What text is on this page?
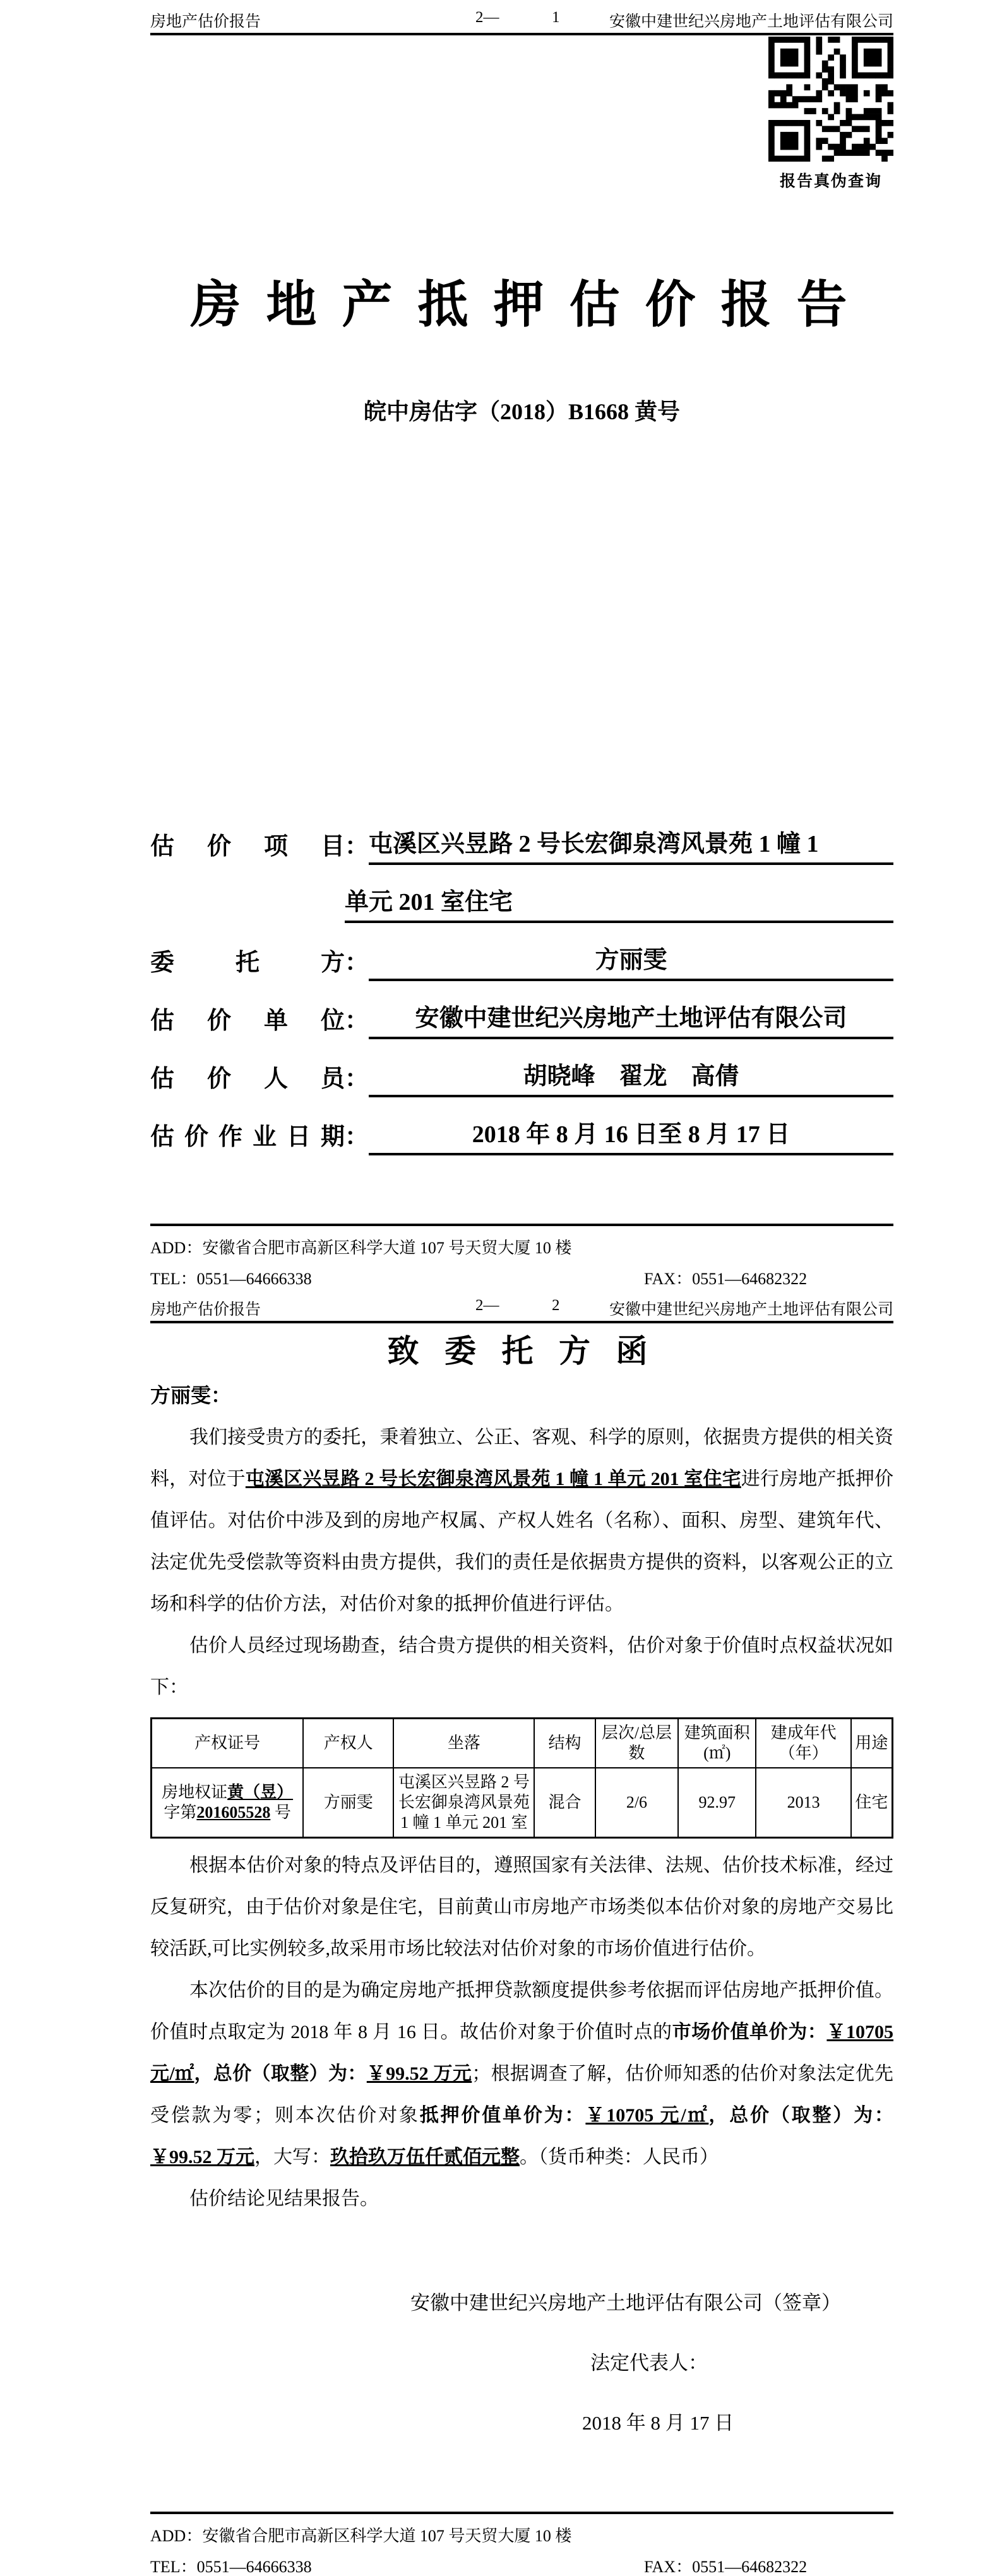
房地产估价报告	2—	1	安徽中建世纪兴房地产土地评估有限公司
报告真伪查询
房 地 产 抵 押 估 价 报 告
皖中房估字（2018）B1668 黄号
估价项目 ： 屯溪区兴昱路 2 号长宏御泉湾风景苑 1 幢 1
单元 201 室住宅
委托方 ：	方丽雯
估价单位 ：	安徽中建世纪兴房地产土地评估有限公司
估价人员 ：	胡晓峰　翟龙　高倩
估价作业日期 ：	2018 年 8 月 16 日至 8 月 17 日
ADD：安徽省合肥市高新区科学大道 107 号天贸大厦 10 楼
TEL：0551—64666338	FAX：0551—64682322
房地产估价报告	2—	2	安徽中建世纪兴房地产土地评估有限公司
致 委 托 方 函
方丽雯：

我们接受贵方的委托，秉着独立、公正、客观、科学的原则，依据贵方提供的相关资料，对位于屯溪区兴昱路 2 号长宏御泉湾风景苑 1 幢 1 单元 201 室住宅进行房地产抵押价值评估。对估价中涉及到的房地产权属、产权人姓名（名称）、面积、房型、建筑年代、法定优先受偿款等资料由贵方提供，我们的责任是依据贵方提供的资料，以客观公正的立场和科学的估价方法，对估价对象的抵押价值进行评估。

估价人员经过现场勘查，结合贵方提供的相关资料，估价对象于价值时点权益状况如下：

产权证号	产权人	坐落	结构	层次/总层数	建筑面积(㎡)	建成年代（年）	用途
房地权证黄（昱）字第201605528 号	方丽雯	屯溪区兴昱路 2 号长宏御泉湾风景苑 1 幢 1 单元 201 室	混合	2/6	92.97	2013	住宅

根据本估价对象的特点及评估目的，遵照国家有关法律、法规、估价技术标准，经过反复研究，由于估价对象是住宅，目前黄山市房地产市场类似本估价对象的房地产交易比较活跃,可比实例较多,故采用市场比较法对估价对象的市场价值进行估价。

本次估价的目的是为确定房地产抵押贷款额度提供参考依据而评估房地产抵押价值。价值时点取定为 2018 年 8 月 16 日。故估价对象于价值时点的市场价值单价为：￥10705 元/㎡，总价（取整）为：￥99.52 万元；根据调查了解，估价师知悉的估价对象法定优先受偿款为零；则本次估价对象抵押价值单价为：￥10705 元/㎡，总价（取整）为：￥99.52 万元，大写：玖拾玖万伍仟贰佰元整。（货币种类：人民币）

估价结论见结果报告。

安徽中建世纪兴房地产土地评估有限公司（签章）
法定代表人：
2018 年 8 月 17 日
ADD：安徽省合肥市高新区科学大道 107 号天贸大厦 10 楼
TEL：0551—64666338	FAX：0551—64682322
